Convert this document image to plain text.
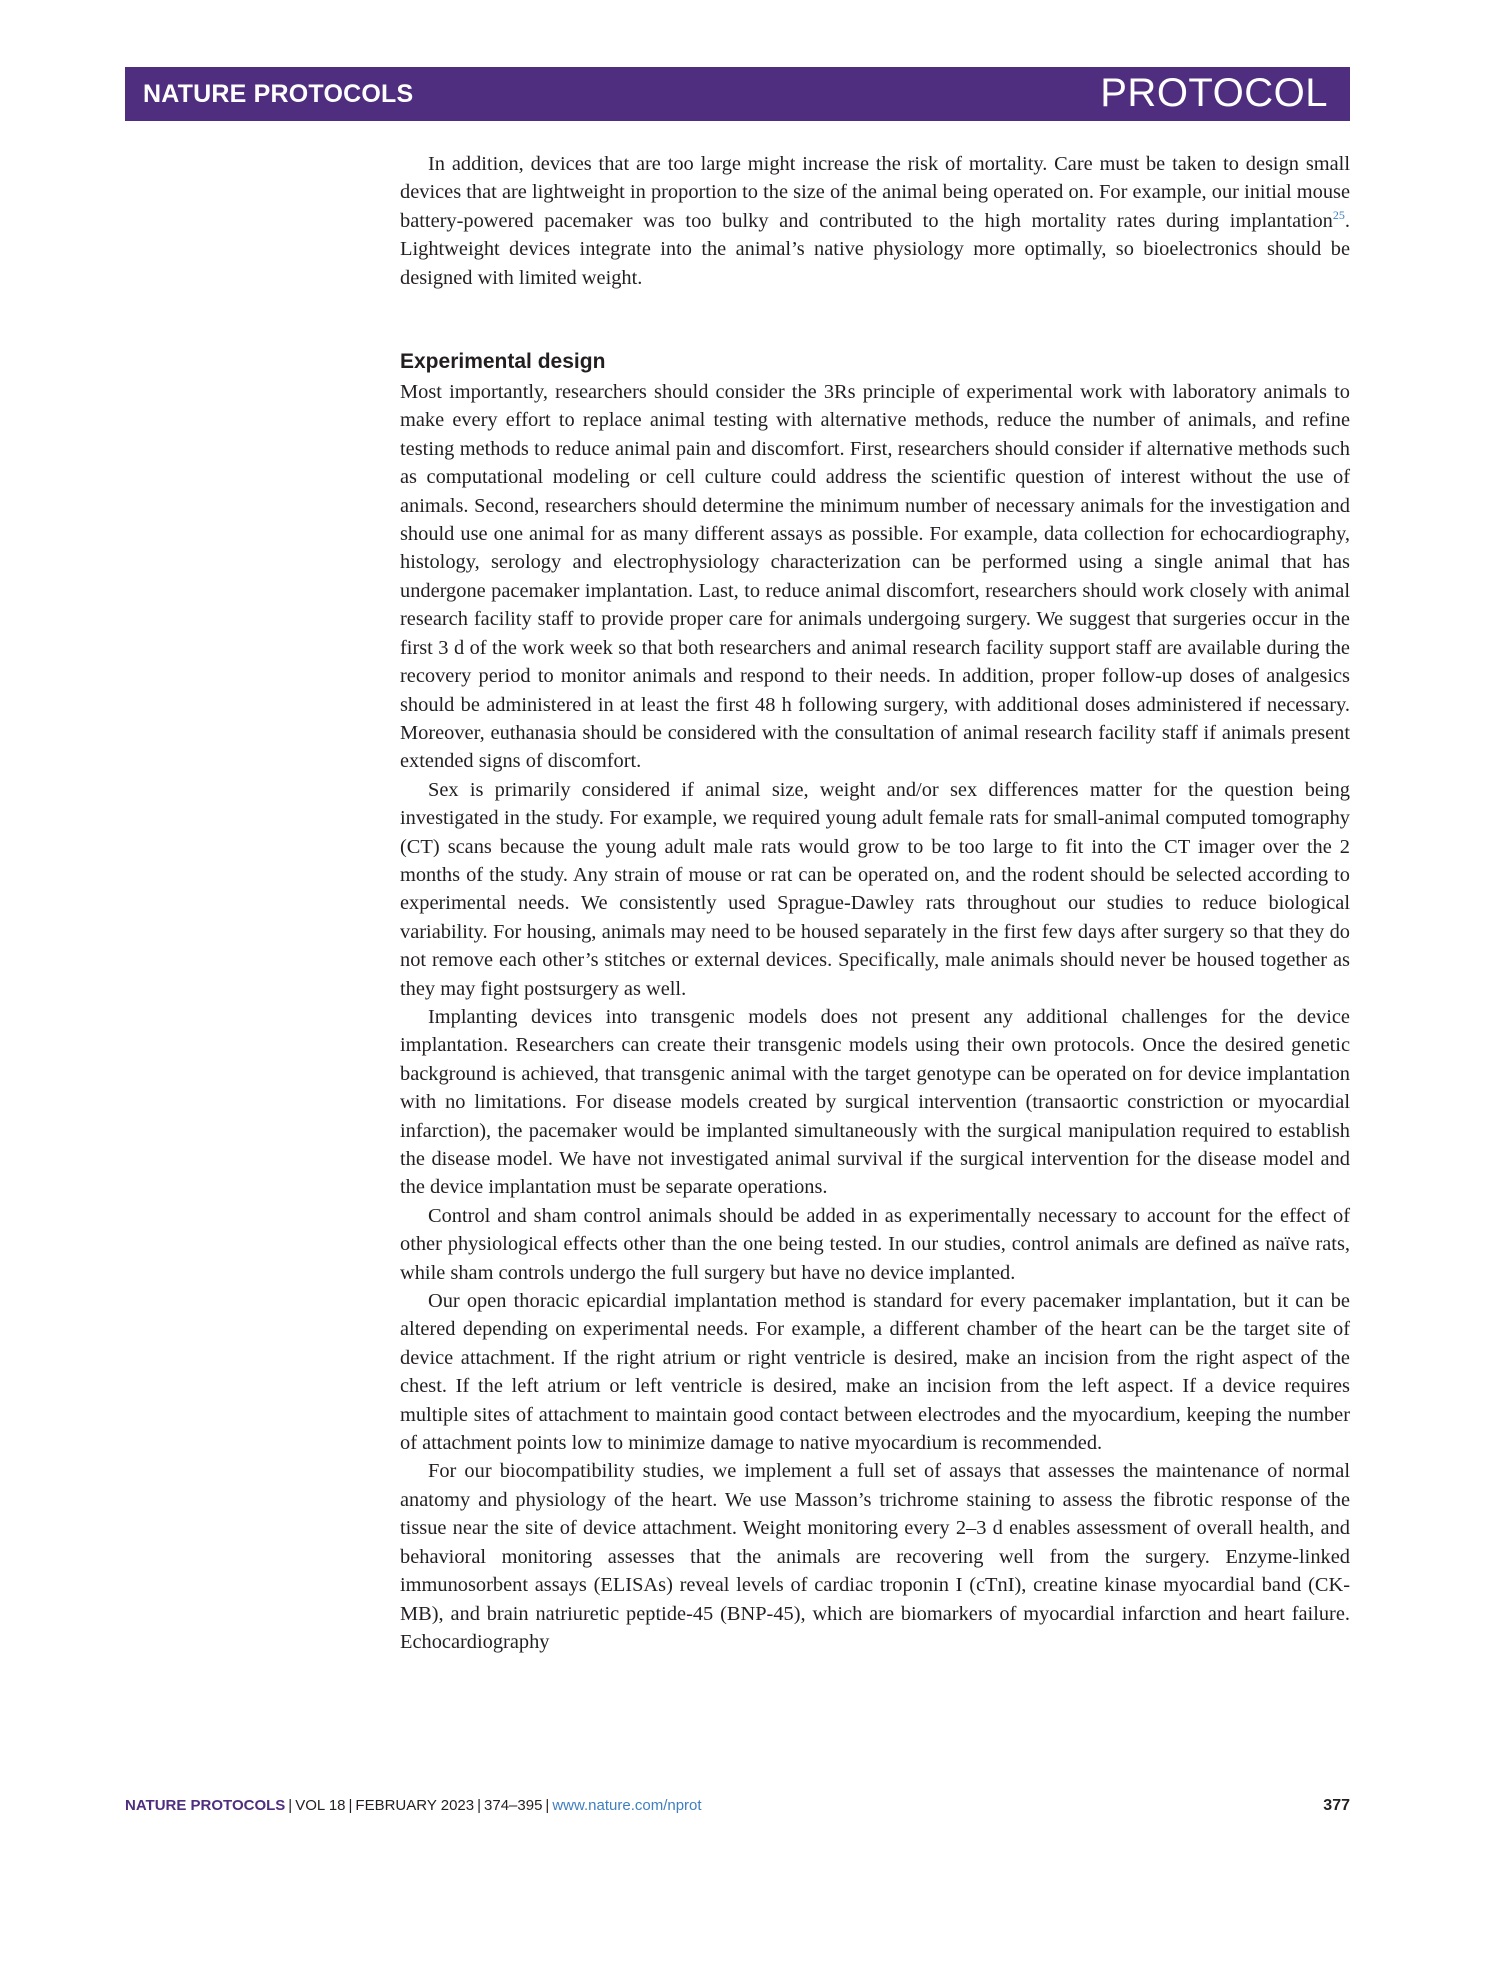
NATURE PROTOCOLS	PROTOCOL

In addition, devices that are too large might increase the risk of mortality. Care must be taken to design small devices that are lightweight in proportion to the size of the animal being operated on. For example, our initial mouse battery-powered pacemaker was too bulky and contributed to the high mortality rates during implantation$^{25}$. Lightweight devices integrate into the animal’s native physiology more optimally, so bioelectronics should be designed with limited weight.

Experimental design

Most importantly, researchers should consider the 3Rs principle of experimental work with laboratory animals to make every effort to replace animal testing with alternative methods, reduce the number of animals, and refine testing methods to reduce animal pain and discomfort. First, researchers should consider if alternative methods such as computational modeling or cell culture could address the scientific question of interest without the use of animals. Second, researchers should determine the minimum number of necessary animals for the investigation and should use one animal for as many different assays as possible. For example, data collection for echocardiography, histology, serology and electrophysiology characterization can be performed using a single animal that has undergone pacemaker implantation. Last, to reduce animal discomfort, researchers should work closely with animal research facility staff to provide proper care for animals undergoing surgery. We suggest that surgeries occur in the first 3 d of the work week so that both researchers and animal research facility support staff are available during the recovery period to monitor animals and respond to their needs. In addition, proper follow-up doses of analgesics should be administered in at least the first 48 h following surgery, with additional doses administered if necessary. Moreover, euthanasia should be considered with the consultation of animal research facility staff if animals present extended signs of discomfort.

Sex is primarily considered if animal size, weight and/or sex differences matter for the question being investigated in the study. For example, we required young adult female rats for small-animal computed tomography (CT) scans because the young adult male rats would grow to be too large to fit into the CT imager over the 2 months of the study. Any strain of mouse or rat can be operated on, and the rodent should be selected according to experimental needs. We consistently used Sprague-Dawley rats throughout our studies to reduce biological variability. For housing, animals may need to be housed separately in the first few days after surgery so that they do not remove each other’s stitches or external devices. Specifically, male animals should never be housed together as they may fight postsurgery as well.

Implanting devices into transgenic models does not present any additional challenges for the device implantation. Researchers can create their transgenic models using their own protocols. Once the desired genetic background is achieved, that transgenic animal with the target genotype can be operated on for device implantation with no limitations. For disease models created by surgical intervention (transaortic constriction or myocardial infarction), the pacemaker would be implanted simultaneously with the surgical manipulation required to establish the disease model. We have not investigated animal survival if the surgical intervention for the disease model and the device implantation must be separate operations.

Control and sham control animals should be added in as experimentally necessary to account for the effect of other physiological effects other than the one being tested. In our studies, control animals are defined as naïve rats, while sham controls undergo the full surgery but have no device implanted.

Our open thoracic epicardial implantation method is standard for every pacemaker implantation, but it can be altered depending on experimental needs. For example, a different chamber of the heart can be the target site of device attachment. If the right atrium or right ventricle is desired, make an incision from the right aspect of the chest. If the left atrium or left ventricle is desired, make an incision from the left aspect. If a device requires multiple sites of attachment to maintain good contact between electrodes and the myocardium, keeping the number of attachment points low to minimize damage to native myocardium is recommended.

For our biocompatibility studies, we implement a full set of assays that assesses the maintenance of normal anatomy and physiology of the heart. We use Masson’s trichrome staining to assess the fibrotic response of the tissue near the site of device attachment. Weight monitoring every 2–3 d enables assessment of overall health, and behavioral monitoring assesses that the animals are recovering well from the surgery. Enzyme-linked immunosorbent assays (ELISAs) reveal levels of cardiac troponin I (cTnI), creatine kinase myocardial band (CK-MB), and brain natriuretic peptide-45 (BNP-45), which are biomarkers of myocardial infarction and heart failure. Echocardiography

NATURE PROTOCOLS | VOL 18 | FEBRUARY 2023 | 374–395 | www.nature.com/nprot	377
